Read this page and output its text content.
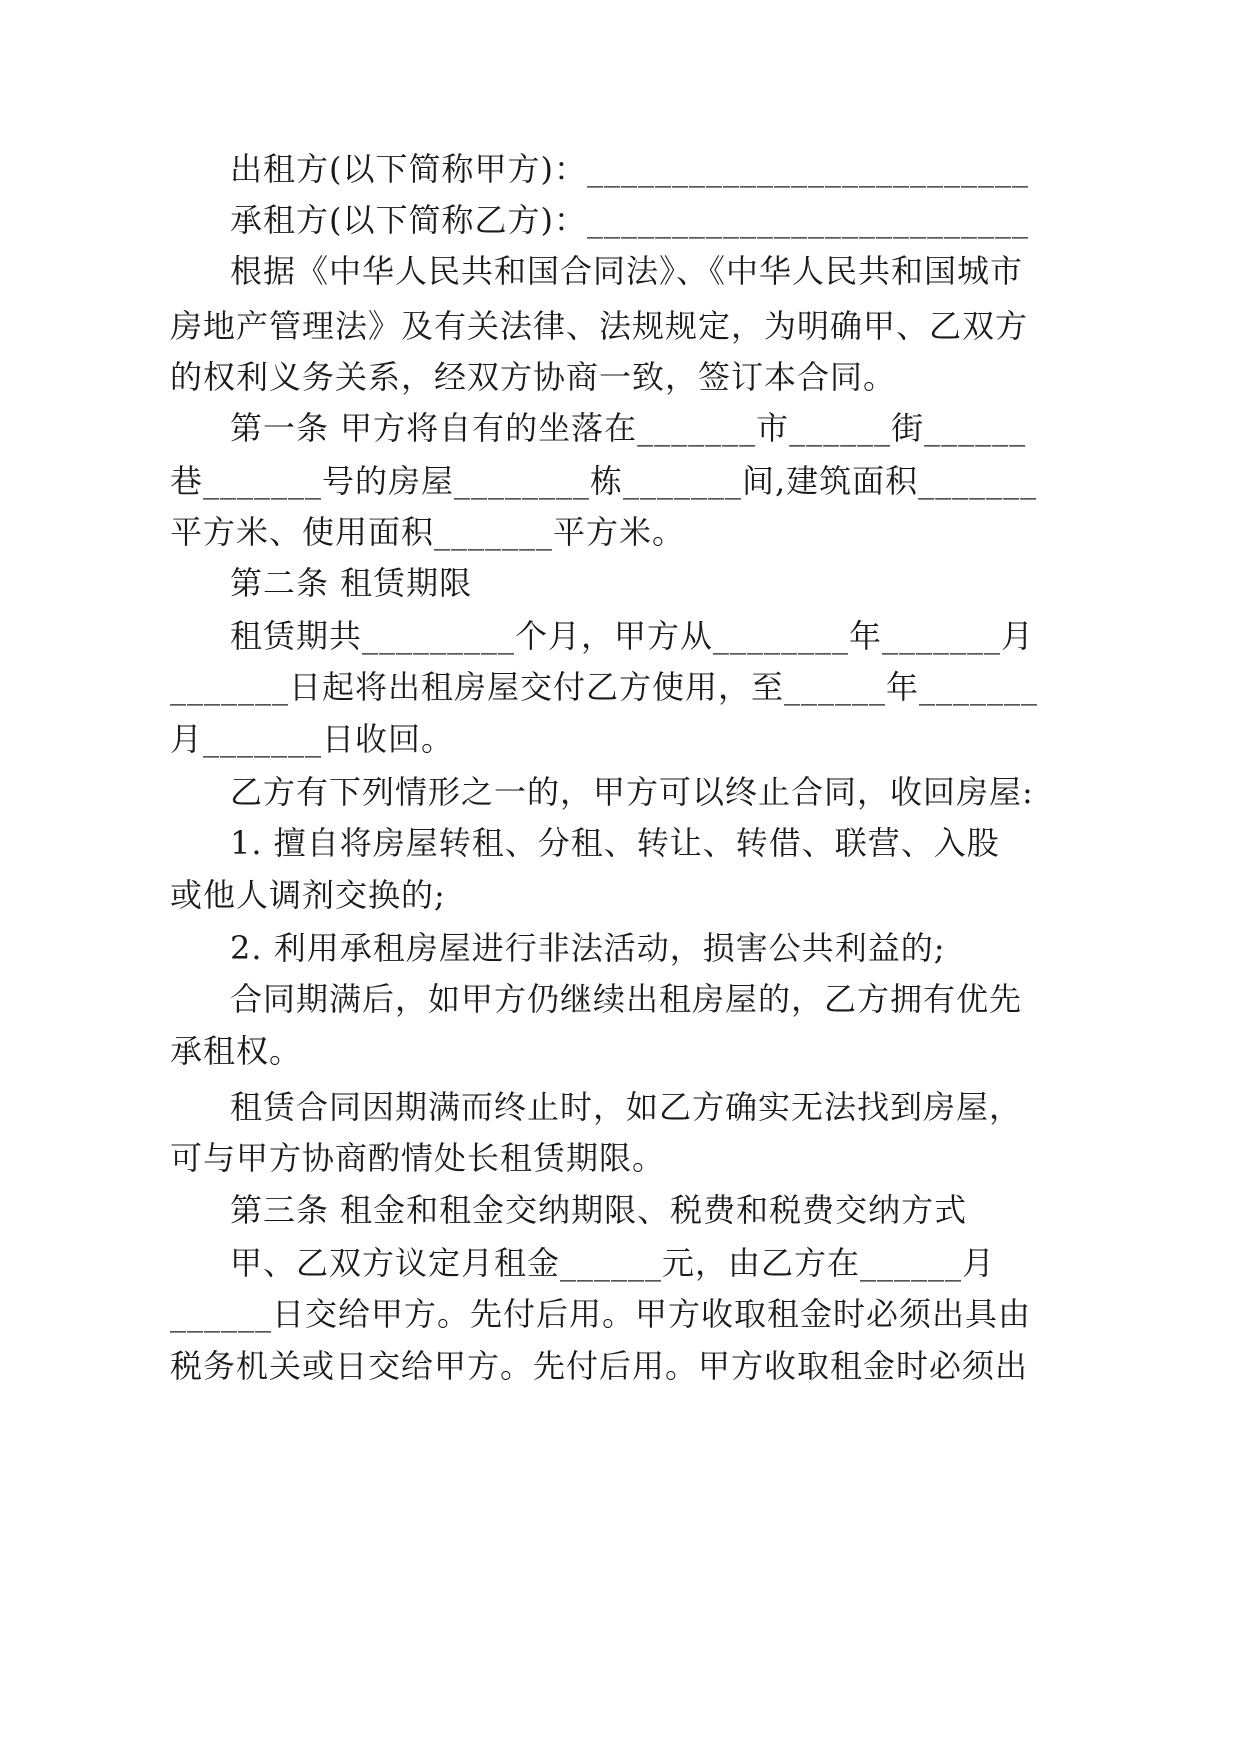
出租方(以下简称甲方)：__________________________
承租方(以下简称乙方)：__________________________
根据《中华人民共和国合同法》、《中华人民共和国城市
房地产管理法》及有关法律、法规规定，为明确甲、乙双方
的权利义务关系，经双方协商一致，签订本合同。
第一条 甲方将自有的坐落在_______市______街______
巷_______号的房屋________栋_______间,建筑面积_______
平方米、使用面积_______平方米。
第二条 租赁期限
租赁期共_________个月，甲方从________年_______月
_______日起将出租房屋交付乙方使用，至______年_______
月_______日收回。
乙方有下列情形之一的，甲方可以终止合同，收回房屋:
1. 擅自将房屋转租、分租、转让、转借、联营、入股
或他人调剂交换的;
2. 利用承租房屋进行非法活动，损害公共利益的;
合同期满后，如甲方仍继续出租房屋的，乙方拥有优先
承租权。
租赁合同因期满而终止时，如乙方确实无法找到房屋，
可与甲方协商酌情处长租赁期限。
第三条 租金和租金交纳期限、税费和税费交纳方式
甲、乙双方议定月租金______元，由乙方在______月
______日交给甲方。先付后用。甲方收取租金时必须出具由
税务机关或日交给甲方。先付后用。甲方收取租金时必须出
